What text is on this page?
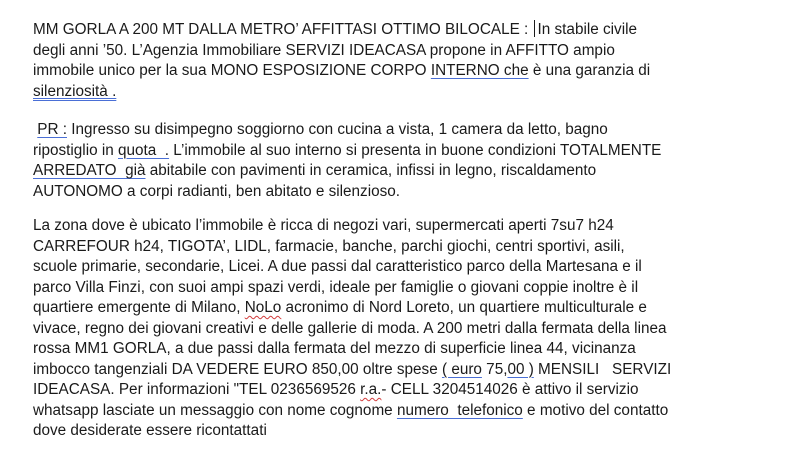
MM GORLA A 200 MT DALLA METRO’ AFFITTASI OTTIMO BILOCALE : In stabile civile
degli anni ’50. L’Agenzia Immobiliare SERVIZI IDEACASA propone in AFFITTO ampio
immobile unico per la sua MONO ESPOSIZIONE CORPO INTERNO che è una garanzia di
silenziosità .

PR : Ingresso su disimpegno soggiorno con cucina a vista, 1 camera da letto, bagno
ripostiglio in quota  . L’immobile al suo interno si presenta in buone condizioni TOTALMENTE
ARREDATO  già abitabile con pavimenti in ceramica, infissi in legno, riscaldamento
AUTONOMO a corpi radianti, ben abitato e silenzioso.

La zona dove è ubicato l’immobile è ricca di negozi vari, supermercati aperti 7su7 h24
CARREFOUR h24, TIGOTA’, LIDL, farmacie, banche, parchi giochi, centri sportivi, asili,
scuole primarie, secondarie, Licei. A due passi dal caratteristico parco della Martesana e il
parco Villa Finzi, con suoi ampi spazi verdi, ideale per famiglie o giovani coppie inoltre è il
quartiere emergente di Milano, NoLo acronimo di Nord Loreto, un quartiere multiculturale e
vivace, regno dei giovani creativi e delle gallerie di moda. A 200 metri dalla fermata della linea
rossa MM1 GORLA, a due passi dalla fermata del mezzo di superficie linea 44, vicinanza
imbocco tangenziali DA VEDERE EURO 850,00 oltre spese ( euro 75,00 ) MENSILI   SERVIZI
IDEACASA. Per informazioni "TEL 0236569526 r.a.- CELL 3204514026 è attivo il servizio
whatsapp lasciate un messaggio con nome cognome numero  telefonico e motivo del contatto
dove desiderate essere ricontattati
